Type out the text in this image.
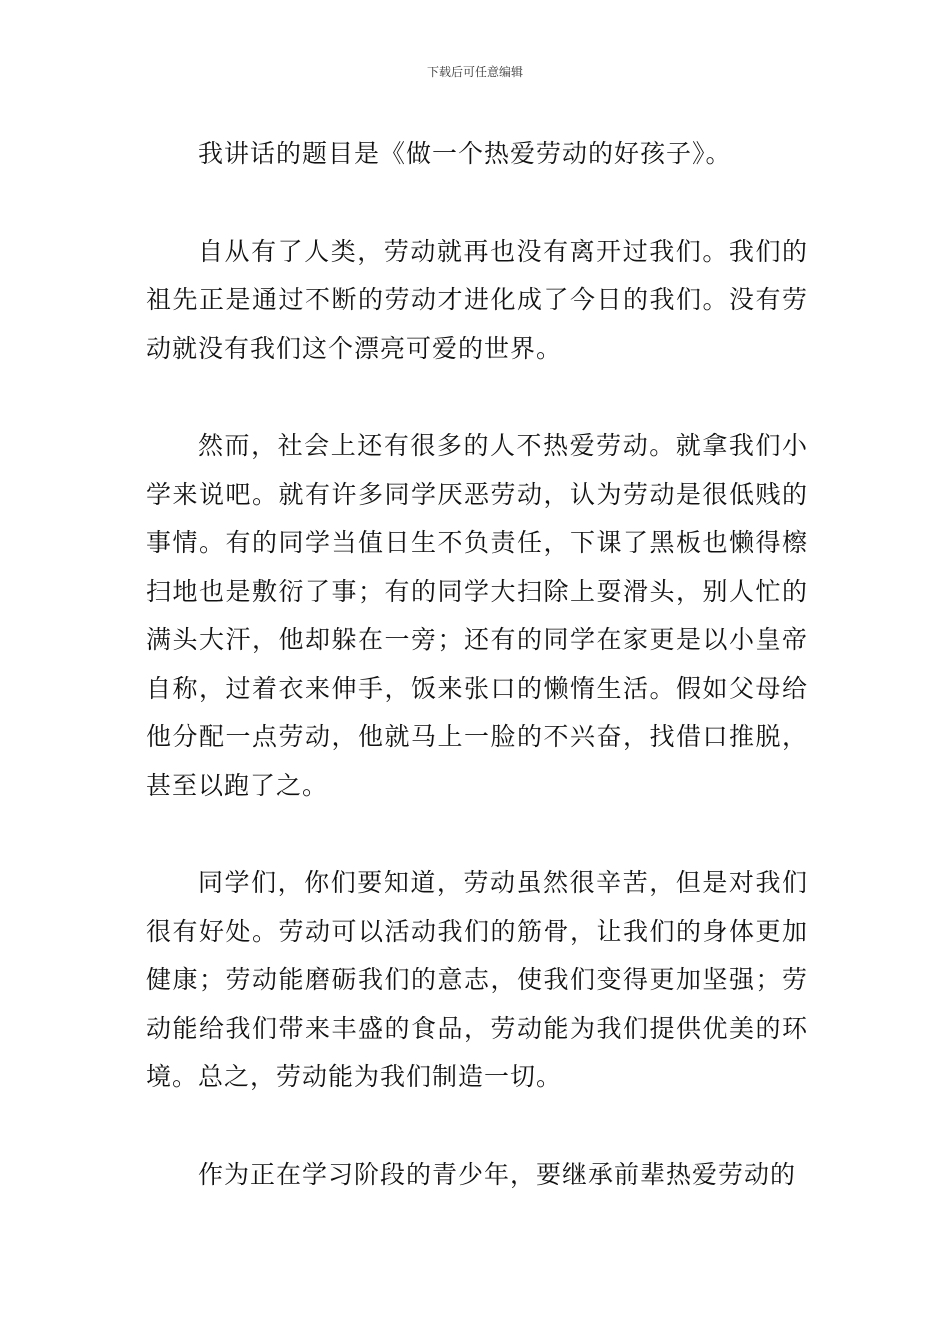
下载后可任意编辑

我讲话的题目是《做一个热爱劳动的好孩子》。

自从有了人类，劳动就再也没有离开过我们。我们的祖先正是通过不断的劳动才进化成了今日的我们。没有劳动就没有我们这个漂亮可爱的世界。

然而，社会上还有很多的人不热爱劳动。就拿我们小学来说吧。就有许多同学厌恶劳动，认为劳动是很低贱的事情。有的同学当值日生不负责任，下课了黑板也懒得檫扫地也是敷衍了事；有的同学大扫除上耍滑头，别人忙的满头大汗，他却躲在一旁；还有的同学在家更是以小皇帝自称，过着衣来伸手，饭来张口的懒惰生活。假如父母给他分配一点劳动，他就马上一脸的不兴奋，找借口推脱，甚至以跑了之。

同学们，你们要知道，劳动虽然很辛苦，但是对我们很有好处。劳动可以活动我们的筋骨，让我们的身体更加健康；劳动能磨砺我们的意志，使我们变得更加坚强；劳动能给我们带来丰盛的食品，劳动能为我们提供优美的环境。总之，劳动能为我们制造一切。

作为正在学习阶段的青少年，要继承前辈热爱劳动的
